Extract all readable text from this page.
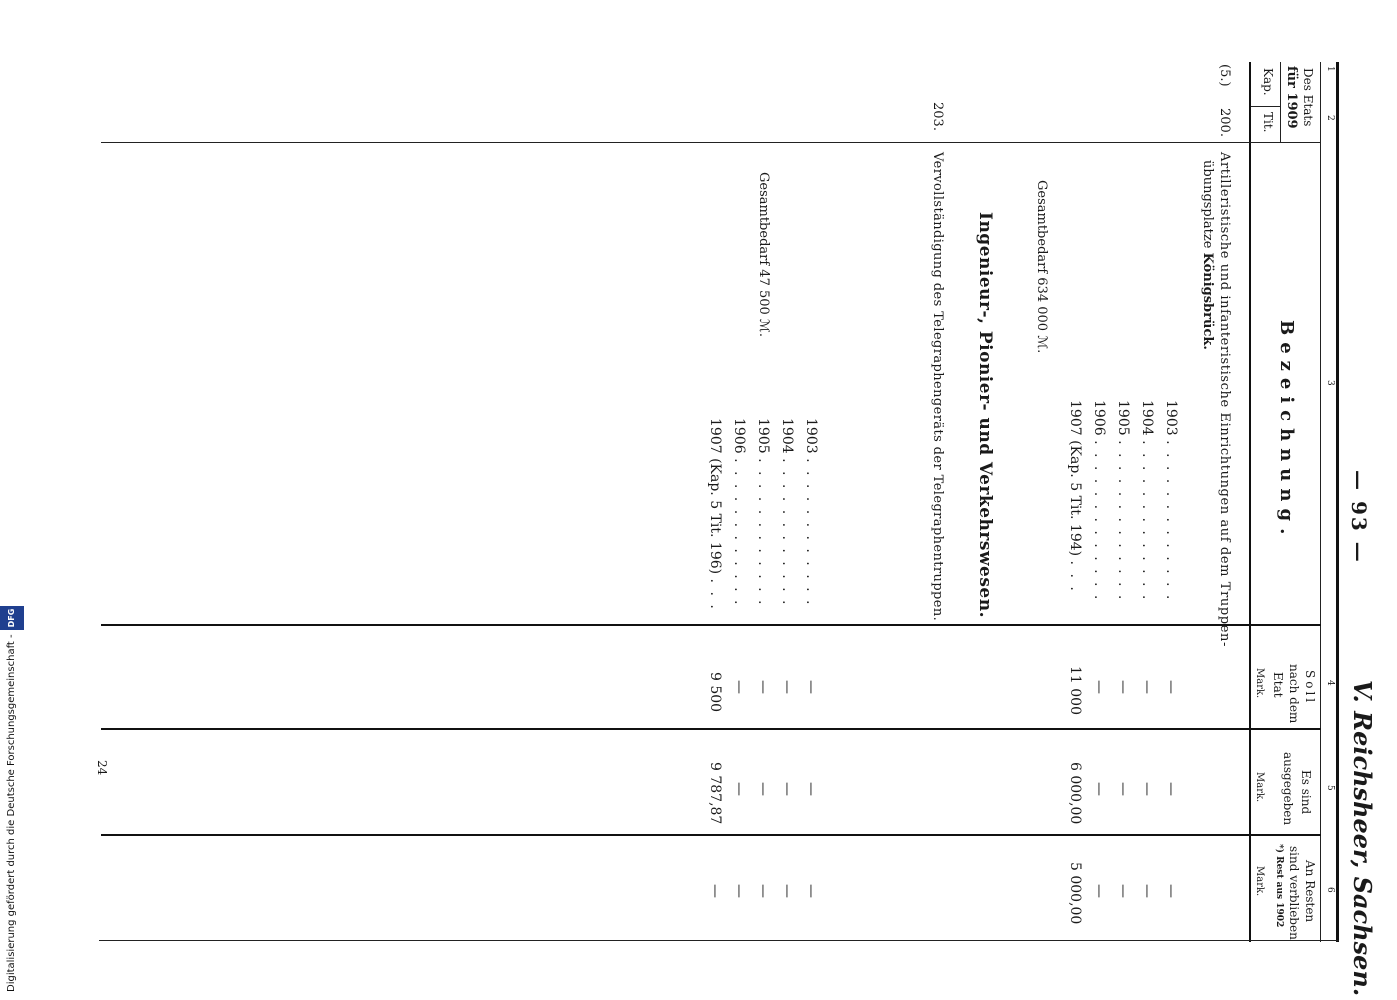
— 93 —
V. Reichsheer, Sachsen.
1
2
3
4
5
6
Des Etats
für 1909
Kap.
Tit.
Bezeichnung.
Soll
nach dem
Etat
Mark.
Es sind
ausgegeben
Mark.
An Resten
sind verblieben
*) Rest aus 1902
Mark.
(5.)
200.
Artilleristische und infanteristische Einrichtungen auf dem Truppen-
übungsplatze Königsbrück.
Gesamtbedarf 634 000 ℳ.
1903 . . . . . . . . . . . . .
1904 . . . . . . . . . . . . .
1905 . . . . . . . . . . . . .
1906 . . . . . . . . . . . . .
1907 (Kap. 5 Tit. 194) . . .
—
—
—
—
11 000
—
—
—
—
6 000,00
—
—
—
—
5 000,00
Ingenieur-, Pionier- und Verkehrswesen.
203.
Vervollständigung des Telegraphengeräts der Telegraphentruppen.
Gesamtbedarf 47 500 ℳ.
1903 . . . . . . . . . . . .
1904 . . . . . . . . . . . .
1905 . . . . . . . . . . . .
1906 . . . . . . . . . . . .
1907 (Kap. 5 Tit. 196) . . .
—
—
—
—
9 500
—
—
—
—
9 787,87
—
—
—
—
—
24
Digitalisierung gefördert durch die Deutsche Forschungsgemeinschaft -DFG
